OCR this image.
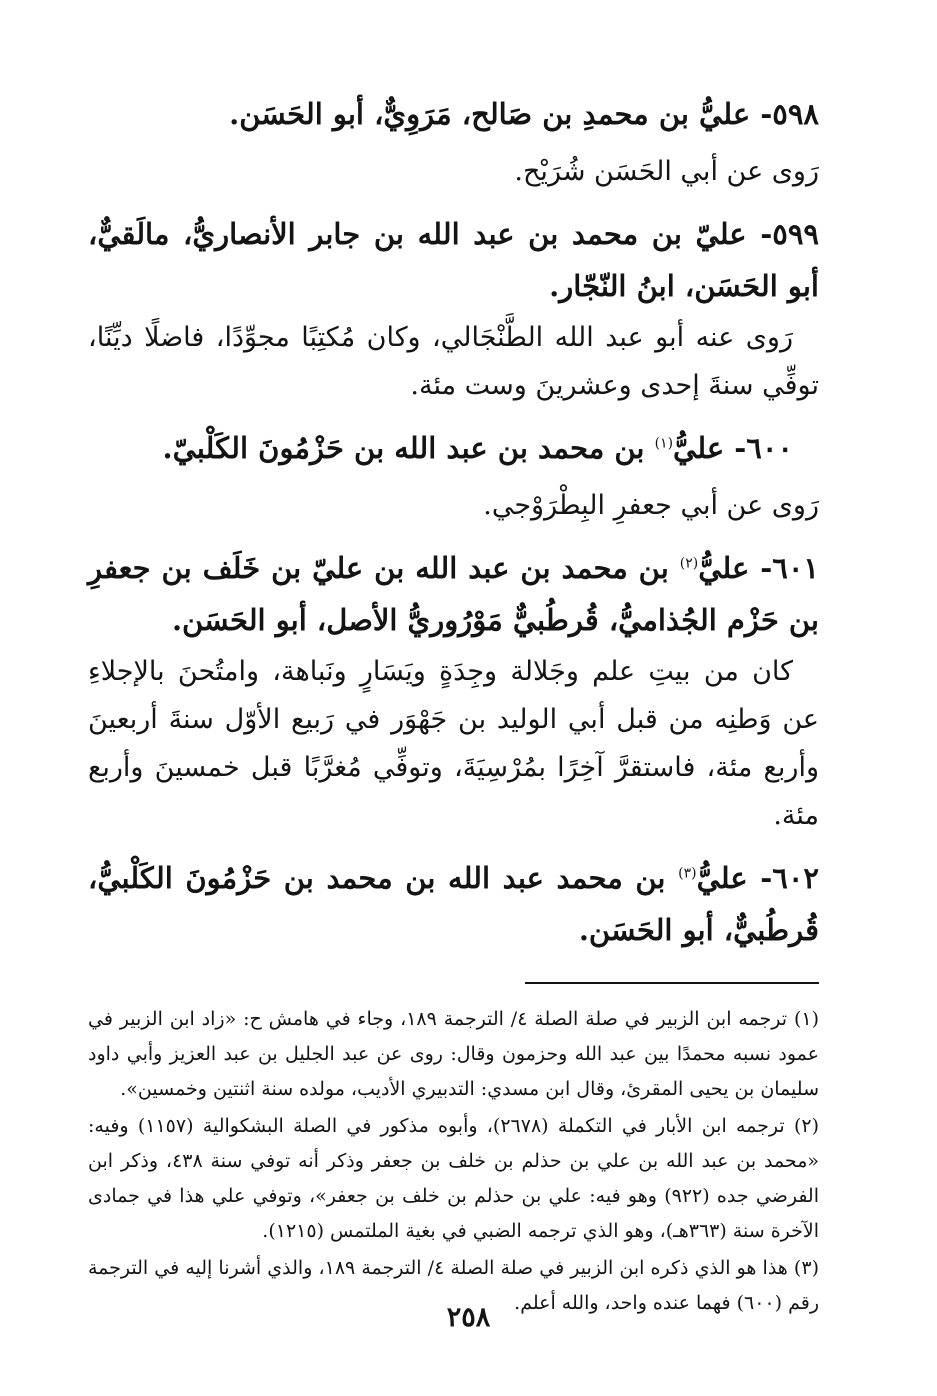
٥٩٨- عليُّ بن محمدِ بن صَالح، مَرَوِيٌّ، أبو الحَسَن.

رَوى عن أبي الحَسَن شُرَيْح.

٥٩٩- عليّ بن محمد بن عبد الله بن جابر الأنصاريُّ، مالَقيٌّ، أبو الحَسَن، ابنُ النّجّار.

رَوى عنه أبو عبد الله الطَّنْجَالي، وكان مُكتِبًا مجوِّدًا، فاضلًا ديِّنًا، توفِّي سنةَ إحدى وعشرينَ وست مئة.

٦٠٠- عليُّ$^{(١)}$ بن محمد بن عبد الله بن حَزْمُونَ الكَلْبيّ.

رَوى عن أبي جعفرِ البِطْرَوْجي.

٦٠١- عليُّ$^{(٢)}$ بن محمد بن عبد الله بن عليّ بن خَلَف بن جعفرِ بن حَزْم الجُذاميُّ، قُرطُبيٌّ مَوْرُوريُّ الأصل، أبو الحَسَن.

كان من بيتِ علم وجَلالة وجِدَةٍ ويَسَارٍ ونَباهة، وامتُحنَ بالإجلاءِ عن وَطنِه من قبل أبي الوليد بن جَهْوَر في رَبيع الأوّل سنةَ أربعينَ وأربع مئة، فاستقرَّ آخِرًا بمُرْسِيَةَ، وتوفِّي مُغرَّبًا قبل خمسينَ وأربع مئة.

٦٠٢- عليُّ$^{(٣)}$ بن محمد عبد الله بن محمد بن حَزْمُونَ الكَلْبيُّ، قُرطُبيٌّ، أبو الحَسَن.

(١) ترجمه ابن الزبير في صلة الصلة ٤/ الترجمة ١٨٩، وجاء في هامش ح: «زاد ابن الزبير في عمود نسبه محمدًا بين عبد الله وحزمون وقال: روى عن عبد الجليل بن عبد العزيز وأبي داود سليمان بن يحيى المقرئ، وقال ابن مسدي: التدبيري الأديب، مولده سنة اثنتين وخمسين».

(٢) ترجمه ابن الأبار في التكملة (٢٦٧٨)، وأبوه مذكور في الصلة البشكوالية (١١٥٧) وفيه: «محمد بن عبد الله بن علي بن حذلم بن خلف بن جعفر وذكر أنه توفي سنة ٤٣٨، وذكر ابن الفرضي جده (٩٢٢) وهو فيه: علي بن حذلم بن خلف بن جعفر»، وتوفي علي هذا في جمادى الآخرة سنة (٣٦٣هـ)، وهو الذي ترجمه الضبي في بغية الملتمس (١٢١٥).

(٣) هذا هو الذي ذكره ابن الزبير في صلة الصلة ٤/ الترجمة ١٨٩، والذي أشرنا إليه في الترجمة رقم (٦٠٠) فهما عنده واحد، والله أعلم.

٢٥٨
